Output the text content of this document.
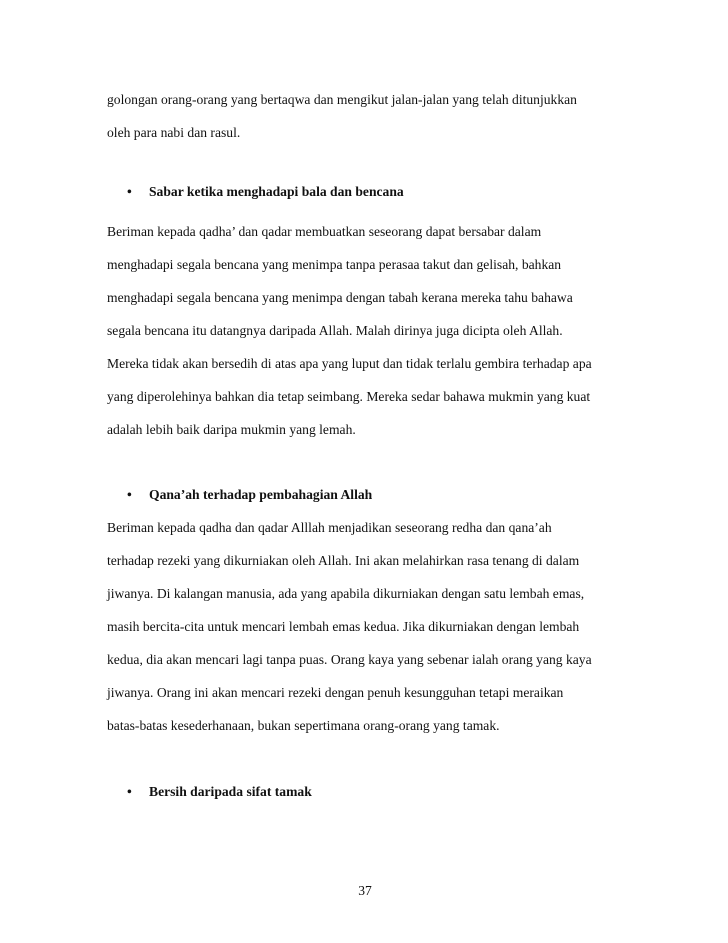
golongan orang-orang yang bertaqwa dan mengikut jalan-jalan yang telah ditunjukkan
oleh para nabi dan rasul.
• Sabar ketika menghadapi bala dan bencana
Beriman kepada qadha’ dan qadar membuatkan seseorang dapat bersabar dalam
menghadapi segala bencana yang menimpa tanpa perasaa takut dan gelisah, bahkan
menghadapi segala bencana yang menimpa dengan tabah kerana mereka tahu bahawa
segala bencana itu datangnya daripada Allah. Malah dirinya juga dicipta oleh Allah.
Mereka tidak akan bersedih di atas apa yang luput dan tidak terlalu gembira terhadap apa
yang diperolehinya bahkan dia tetap seimbang. Mereka sedar bahawa mukmin yang kuat
adalah lebih baik daripa mukmin yang lemah.
• Qana’ah terhadap pembahagian Allah
Beriman kepada qadha dan qadar Alllah menjadikan seseorang redha dan qana’ah
terhadap rezeki yang dikurniakan oleh Allah. Ini akan melahirkan rasa tenang di dalam
jiwanya. Di kalangan manusia, ada yang apabila dikurniakan dengan satu lembah emas,
masih bercita-cita untuk mencari lembah emas kedua. Jika dikurniakan dengan lembah
kedua, dia akan mencari lagi tanpa puas. Orang kaya yang sebenar ialah orang yang kaya
jiwanya. Orang ini akan mencari rezeki dengan penuh kesungguhan tetapi meraikan
batas-batas kesederhanaan, bukan sepertimana orang-orang yang tamak.
• Bersih daripada sifat tamak
37
